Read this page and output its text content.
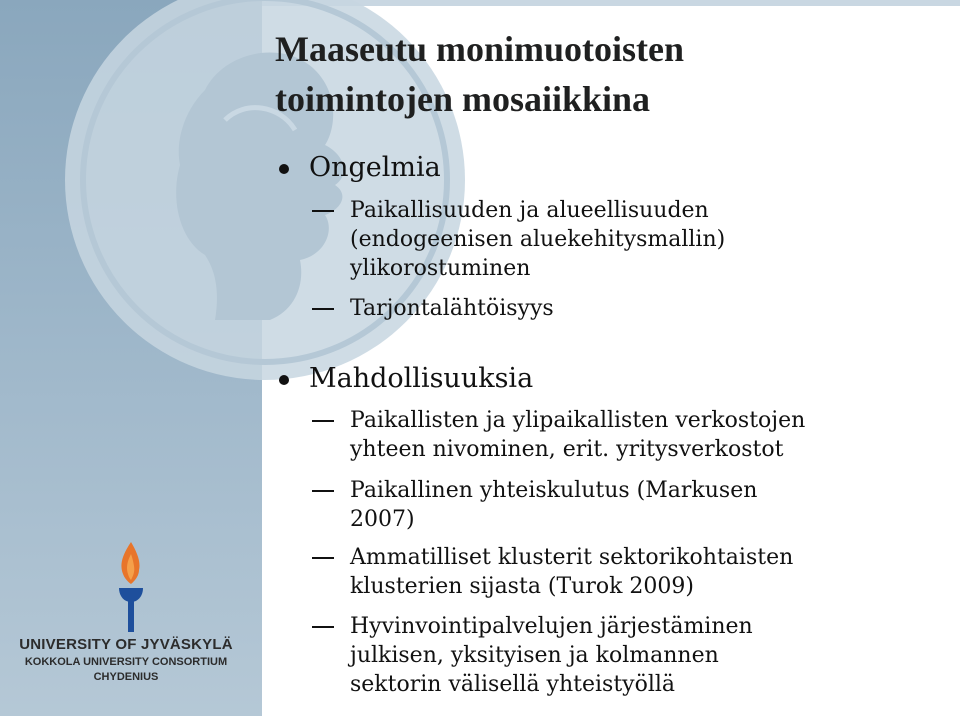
Maaseutu monimuotoisten
toimintojen mosaiikkina
Ongelmia
Paikallisuuden ja alueellisuuden
(endogeenisen aluekehitysmallin)
ylikorostuminen
Tarjontalähtöisyys
Mahdollisuuksia
Paikallisten ja ylipaikallisten verkostojen
yhteen nivominen, erit. yritysverkostot
Paikallinen yhteiskulutus (Markusen
2007)
Ammatilliset klusterit sektorikohtaisten
klusterien sijasta (Turok 2009)
Hyvinvointipalvelujen järjestäminen
julkisen, yksityisen ja kolmannen
sektorin välisellä yhteistyöllä
UNIVERSITY OF JYVÄSKYLÄ
KOKKOLA UNIVERSITY CONSORTIUM
CHYDENIUS
